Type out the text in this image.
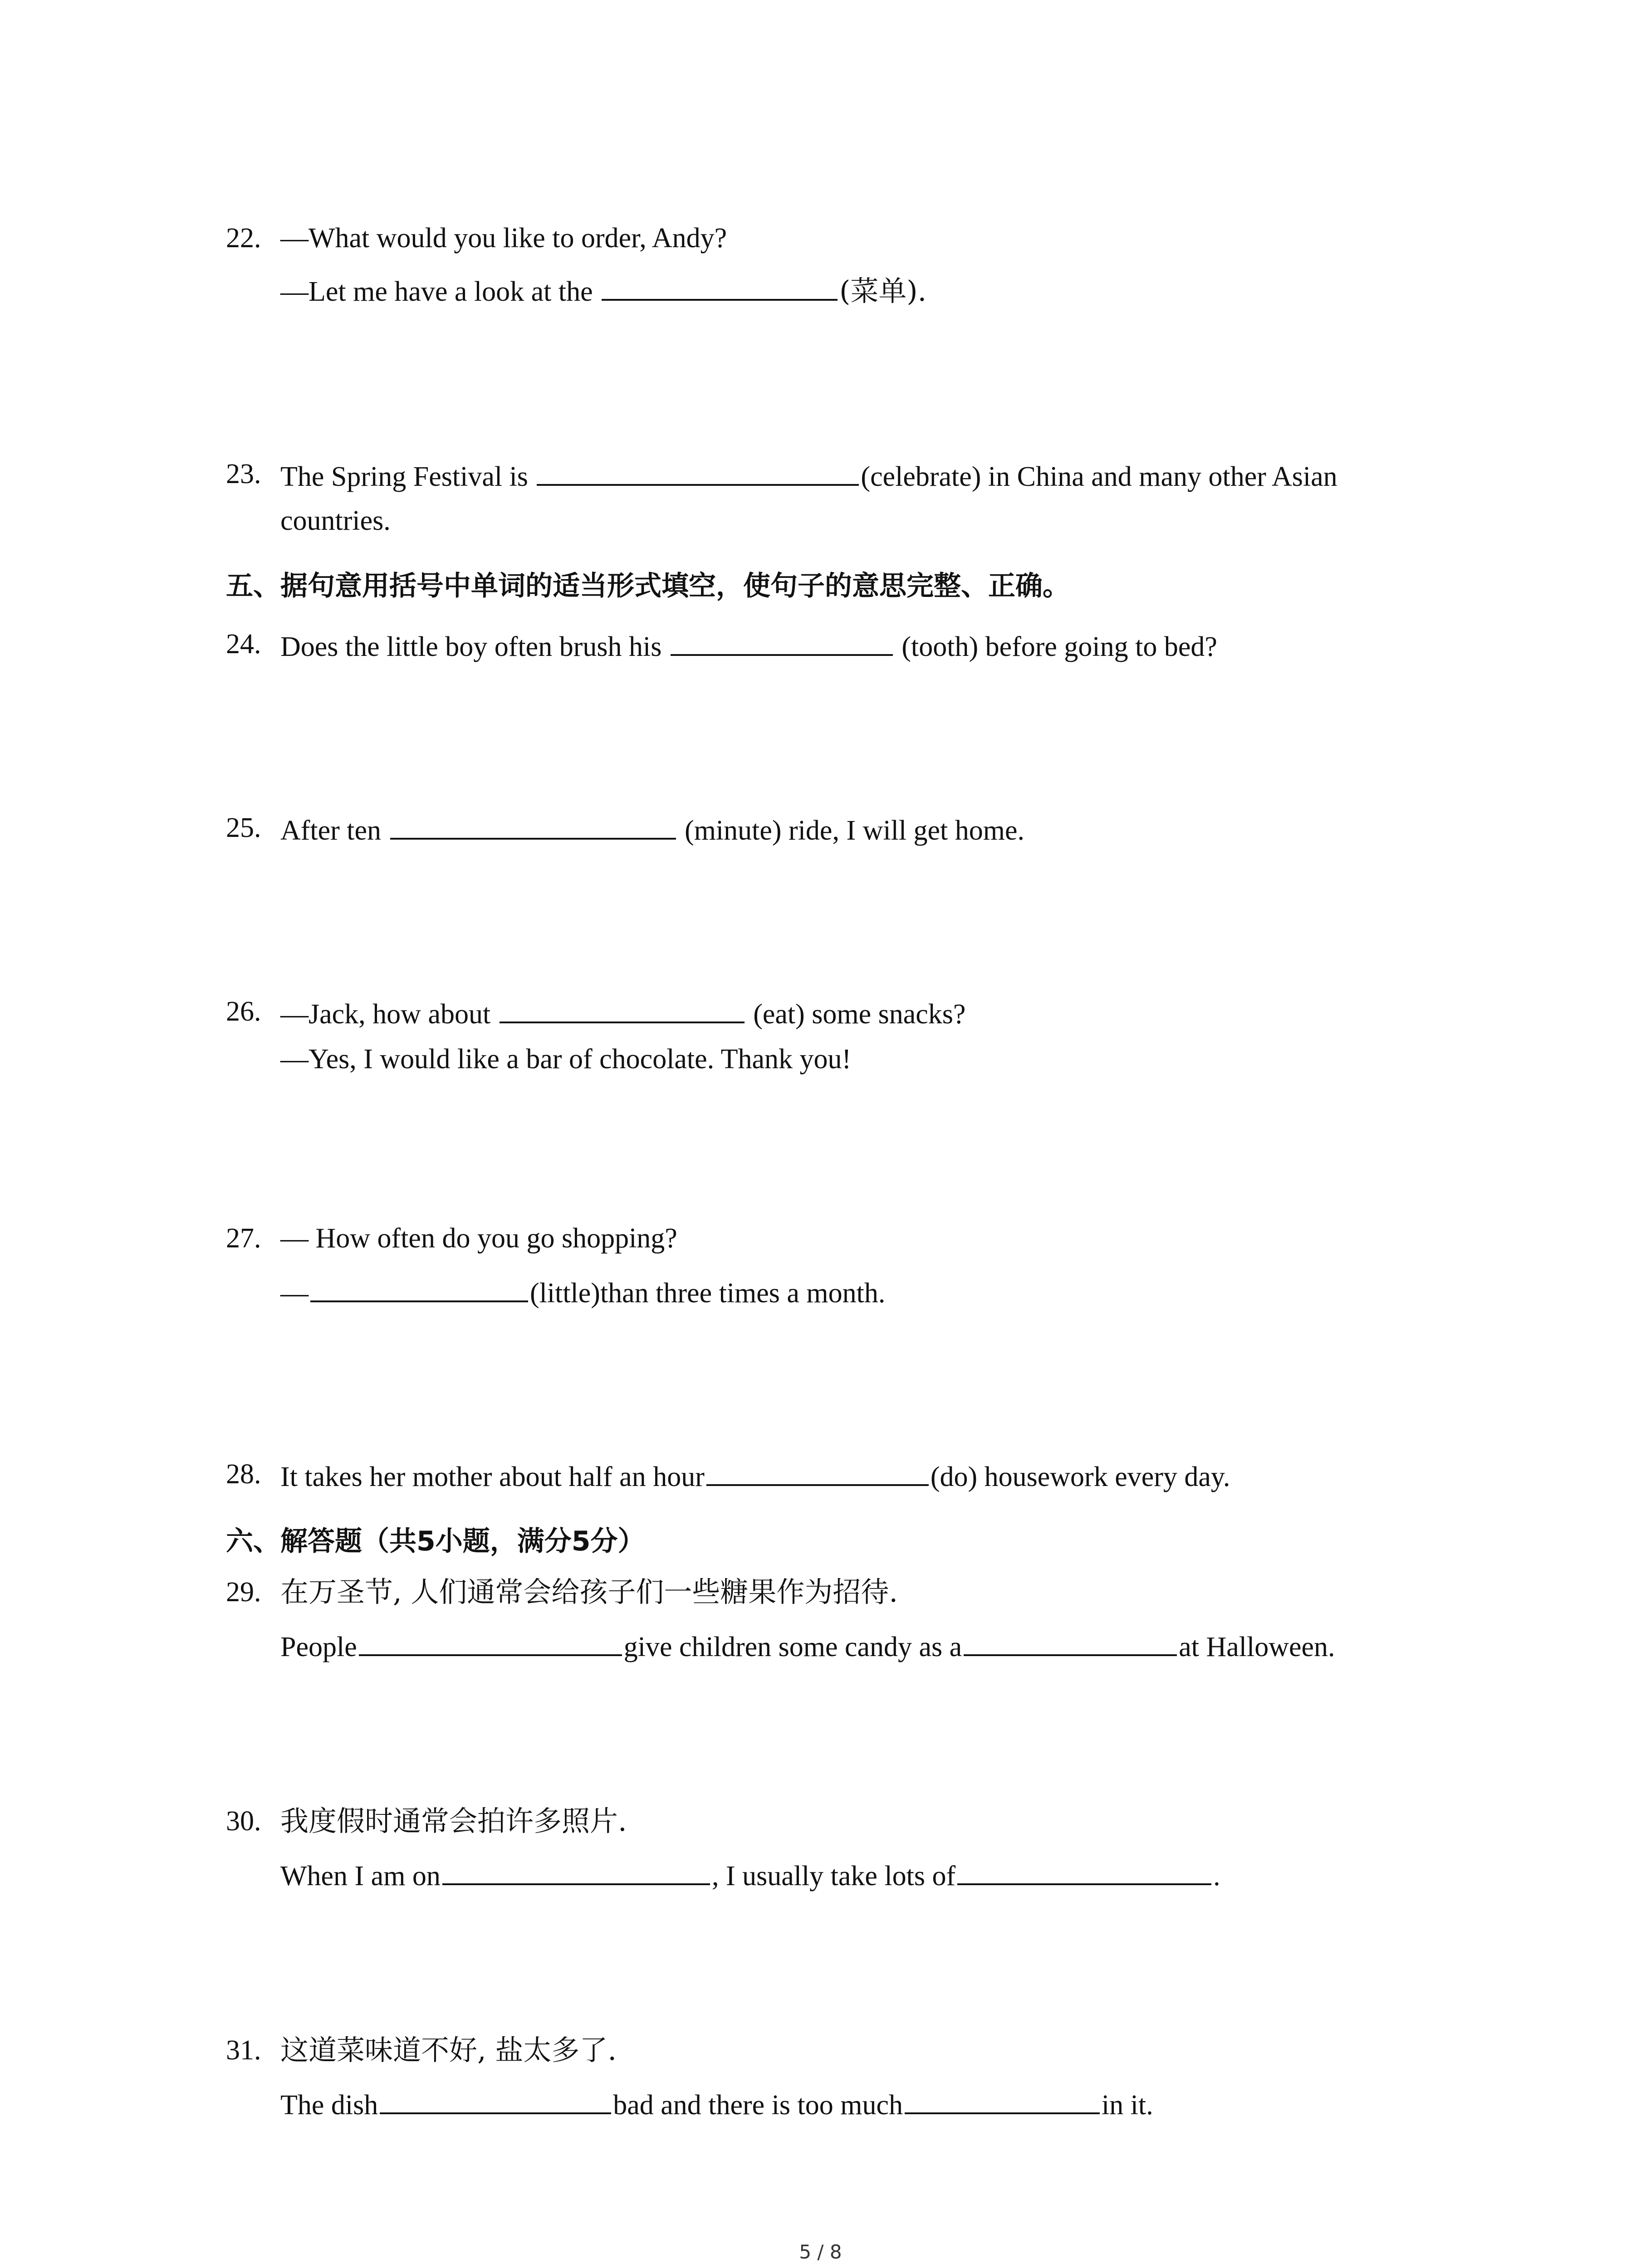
22. —What would you like to order, Andy?
—Let me have a look at the	(菜单).
23. The Spring Festival is	(celebrate) in China and many other Asian
countries.
五、据句意用括号中单词的适当形式填空，使句子的意思完整、正确。
24. Does the little boy often brush his	(tooth) before going to bed?
25. After ten	(minute) ride, I will get home.
26. —Jack, how about	(eat) some snacks?
—Yes, I would like a bar of chocolate. Thank you!
27. — How often do you go shopping?
—	(little)than three times a month.
28. It takes her mother about half an hour	(do) housework every day.
六、解答题（共5小题，满分5分）
29. 在万圣节, 人们通常会给孩子们一些糖果作为招待.
People	give children some candy as a	at Halloween.
30. 我度假时通常会拍许多照片.
When I am on	, I usually take lots of	.
31. 这道菜味道不好, 盐太多了.
The dish	bad and there is too much	in it.
5 / 8
